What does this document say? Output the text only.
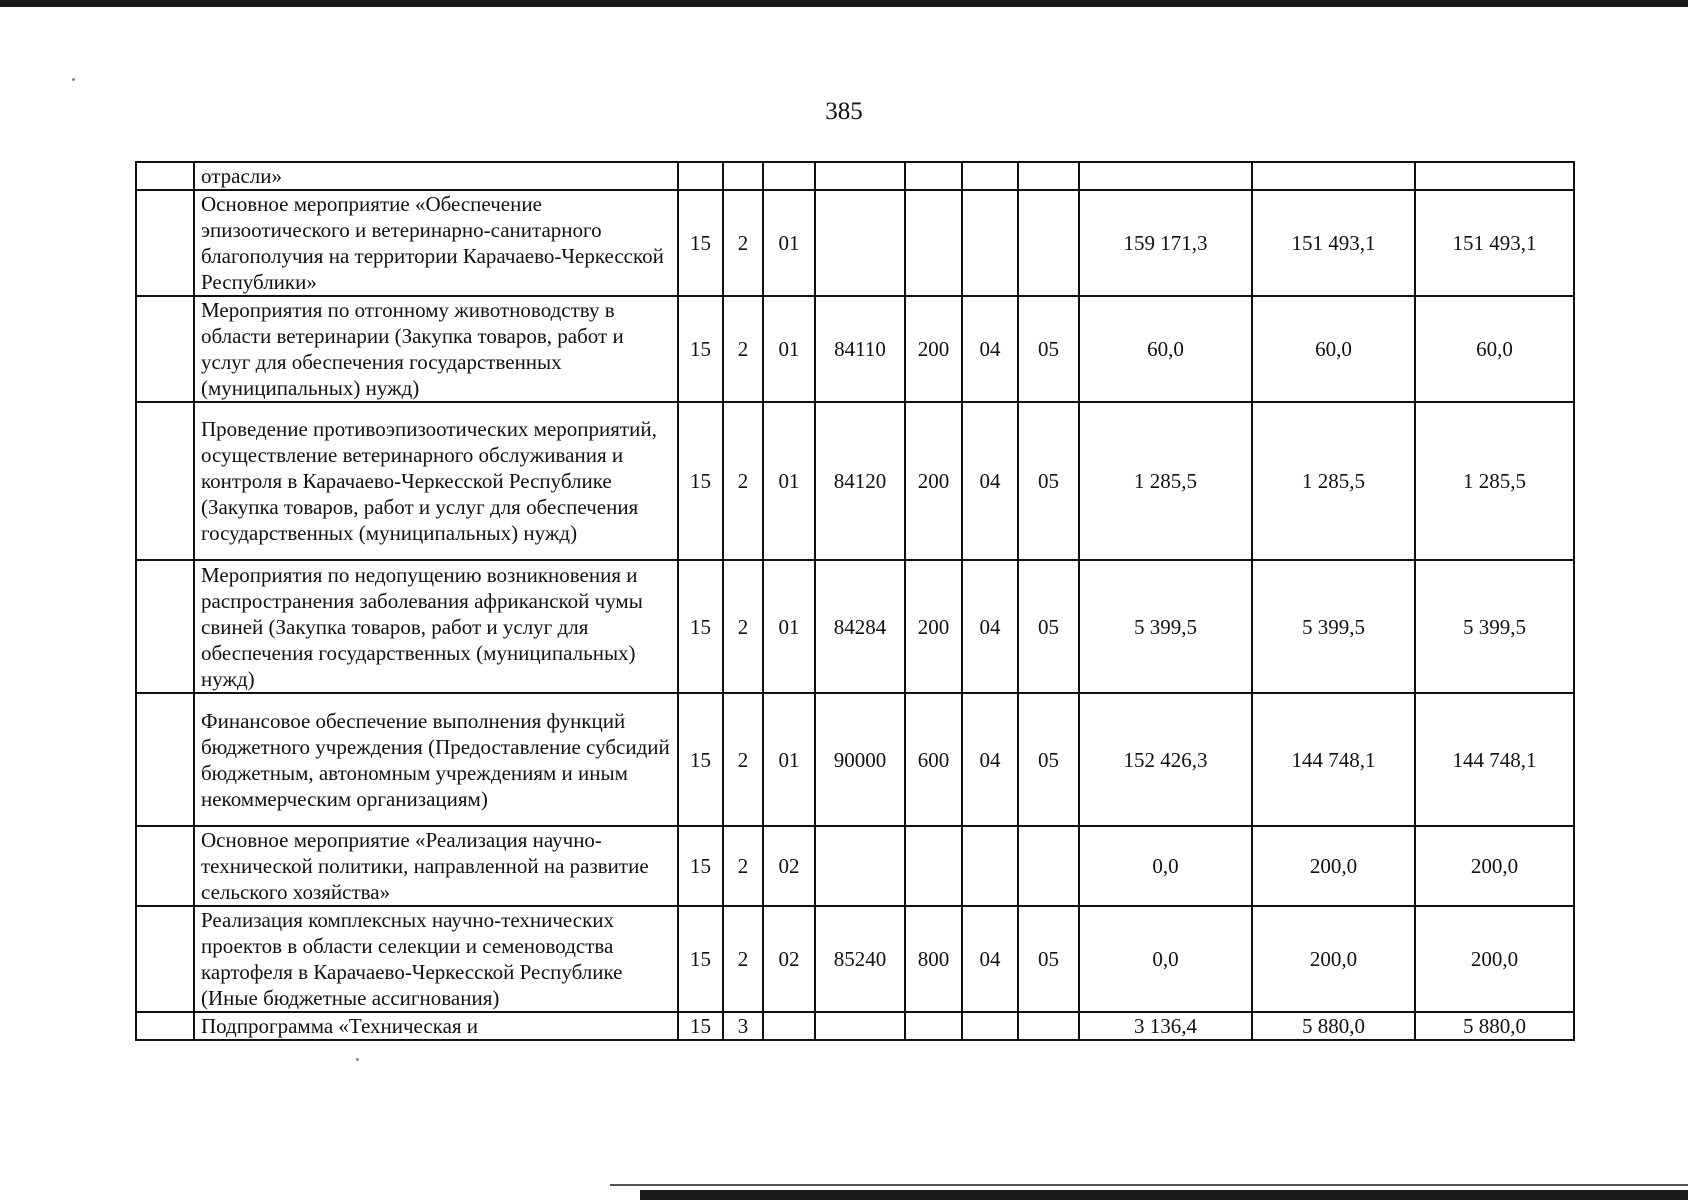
385
	отрасли»										
	Основное мероприятие «Обеспечение эпизоотического и ветеринарно-санитарного благополучия на территории Карачаево-Черкесской Республики»	15	2	01					159 171,3	151 493,1	151 493,1
	Мероприятия по отгонному животноводству в области ветеринарии (Закупка товаров, работ и услуг для обеспечения государственных (муниципальных) нужд)	15	2	01	84110	200	04	05	60,0	60,0	60,0
	Проведение противоэпизоотических мероприятий, осуществление ветеринарного обслуживания и контроля в Карачаево-Черкесской Республике (Закупка товаров, работ и услуг для обеспечения государственных (муниципальных) нужд)	15	2	01	84120	200	04	05	1 285,5	1 285,5	1 285,5
	Мероприятия по недопущению возникновения и распространения заболевания африканской чумы свиней (Закупка товаров, работ и услуг для обеспечения государственных (муниципальных) нужд)	15	2	01	84284	200	04	05	5 399,5	5 399,5	5 399,5
	Финансовое обеспечение выполнения функций бюджетного учреждения (Предоставление субсидий бюджетным, автономным учреждениям и иным некоммерческим организациям)	15	2	01	90000	600	04	05	152 426,3	144 748,1	144 748,1
	Основное мероприятие «Реализация научно-технической политики, направленной на развитие сельского хозяйства»	15	2	02					0,0	200,0	200,0
	Реализация комплексных научно-технических проектов в области селекции и семеноводства картофеля в Карачаево-Черкесской Республике (Иные бюджетные ассигнования)	15	2	02	85240	800	04	05	0,0	200,0	200,0
	Подпрограмма «Техническая и	15	3						3 136,4	5 880,0	5 880,0
